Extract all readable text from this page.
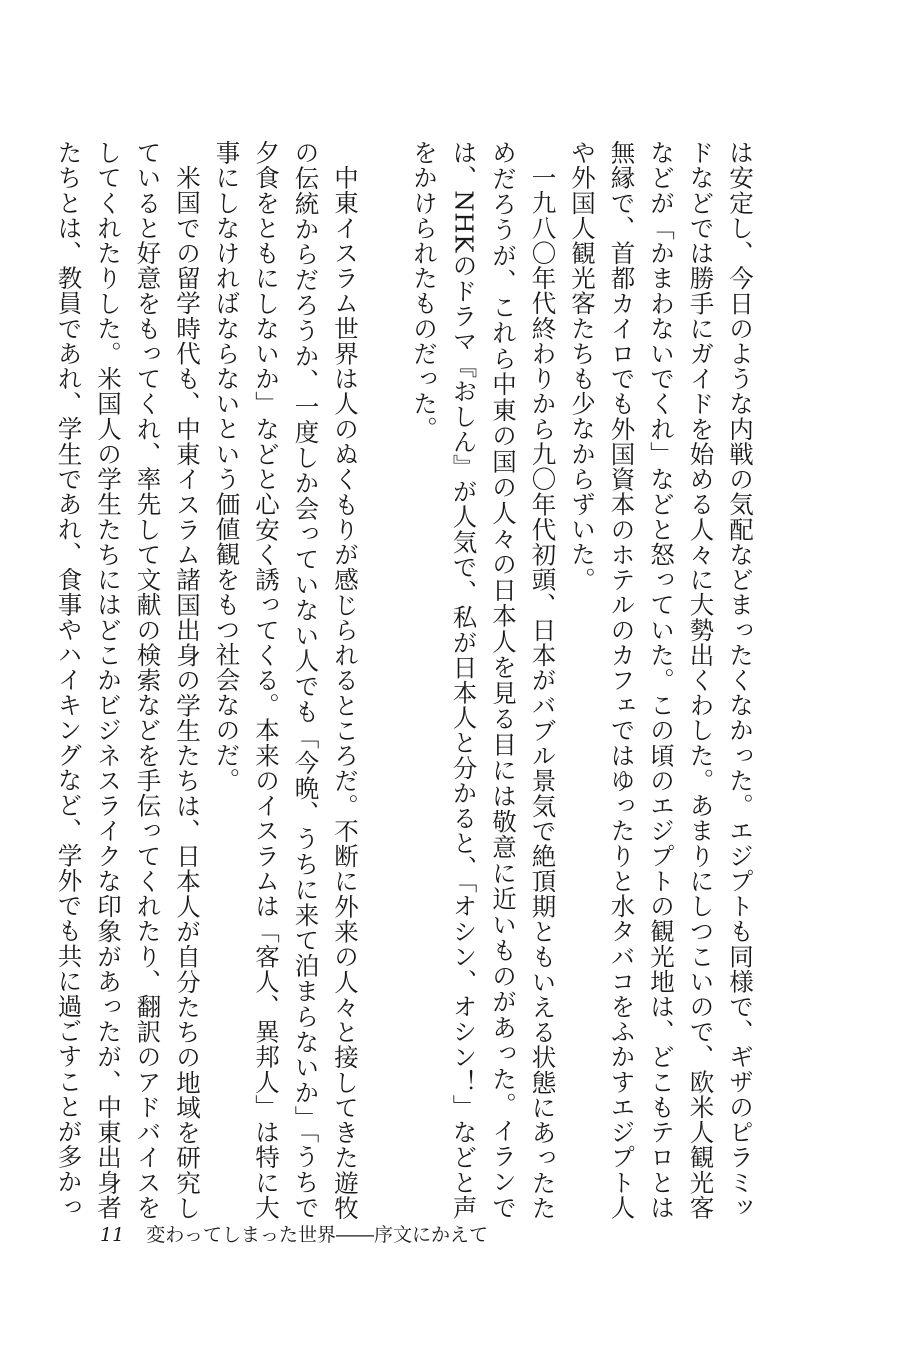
は安定し、今日のような内戦の気配などまったくなかった。エジプトも同様で、ギザのピラミッドなどでは勝手にガイドを始める人々に大勢出くわした。あまりにしつこいので、欧米人観光客などが「かまわないでくれ」などと怒っていた。この頃のエジプトの観光地は、どこもテロとは無縁で、首都カイロでも外国資本のホテルのカフェではゆったりと水タバコをふかすエジプト人や外国人観光客たちも少なからずいた。

一九八〇年代終わりから九〇年代初頭、日本がバブル景気で絶頂期ともいえる状態にあったためだろうが、これら中東の国の人々の日本人を見る目には敬意に近いものがあった。イランでは、NHKのドラマ『おしん』が人気で、私が日本人と分かると、「オシン、オシン！」などと声をかけられたものだった。

中東イスラム世界は人のぬくもりが感じられるところだ。不断に外来の人々と接してきた遊牧の伝統からだろうか、一度しか会っていない人でも「今晩、うちに来て泊まらないか」「うちで夕食をともにしないか」などと心安く誘ってくる。本来のイスラムは「客人、異邦人」は特に大事にしなければならないという価値観をもつ社会なのだ。

米国での留学時代も、中東イスラム諸国出身の学生たちは、日本人が自分たちの地域を研究していると好意をもってくれ、率先して文献の検索などを手伝ってくれたり、翻訳のアドバイスをしてくれたりした。米国人の学生たちにはどこかビジネスライクな印象があったが、中東出身者たちとは、教員であれ、学生であれ、食事やハイキングなど、学外でも共に過ごすことが多かっ

11 変わってしまった世界――序文にかえて
